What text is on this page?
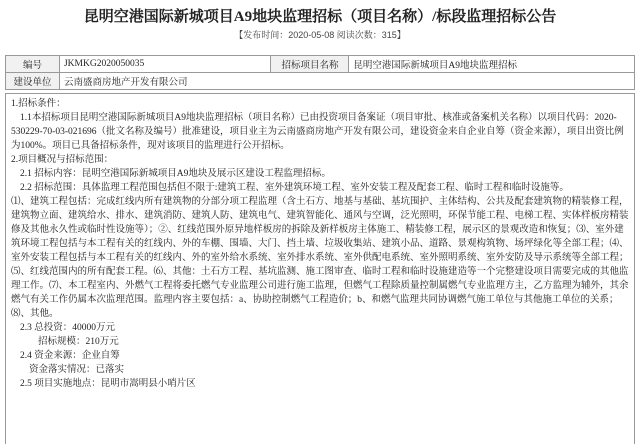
昆明空港国际新城项目A9地块监理招标（项目名称）/标段监理招标公告
【发布时间：2020-05-08 阅读次数：315】
编号	JKMKG2020050035	招标项目名称	昆明空港国际新城项目A9地块监理招标
建设单位	云南盛商房地产开发有限公司		

1.招标条件：

1.1本招标项目昆明空港国际新城项目A9地块监理招标（项目名称）已由投资项目备案证（项目审批、核准或备案机关名称）以项目代码：2020-530229-70-03-021696（批文名称及编号）批准建设，项目业主为云南盛商房地产开发有限公司，建设资金来自企业自筹（资金来源），项目出资比例为100%。项目已具备招标条件，现对该项目的监理进行公开招标。

2.项目概况与招标范围：

2.1 招标内容：昆明空港国际新城项目A9地块及展示区建设工程监理招标。

2.2 招标范围：具体监理工程范围包括但不限于:建筑工程、室外建筑环境工程、室外安装工程及配套工程、临时工程和临时设施等。

⑴、建筑工程包括：完成红线内所有建筑物的分部分项工程监理（含土石方、地基与基础、基坑围护、主体结构、公共及配套建筑物的精装修工程，建筑物立面、建筑给水、排水、建筑消防、建筑人防、建筑电气、建筑智能化、通风与空调，泛光照明，环保节能工程、电梯工程、实体样板房精装修及其他永久性或临时性设施等）；②、红线范围外原异地样板房的拆除及新样板房主体施工、精装修工程，展示区的景观改造和恢复；⑶、室外建筑环境工程包括与本工程有关的红线内、外的车棚、围墙、大门、挡土墙、垃圾收集站、建筑小品、道路、景观构筑物、场坪绿化等全部工程；⑷、室外安装工程包括与本工程有关的红线内、外的室外给水系统、室外排水系统、室外供配电系统、室外照明系统、室外安防及导示系统等全部工程；⑸、红线范围内的所有配套工程。⑹、其他：土石方工程、基坑监测、施工图审查、临时工程和临时设施建造等一个完整建设项目需要完成的其他监理工作。⑺、本工程室内、外燃气工程将委托燃气专业监理公司进行施工监理，但燃气工程除质量控制属燃气专业监理方主，乙方监理为辅外，其余燃气有关工作仍属本次监理范围。监理内容主要包括：a、协助控制燃气工程造价；b、和燃气监理共同协调燃气施工单位与其他施工单位的关系；⑻、其他。

2.3 总投资：40000万元

招标规模：210万元

2.4 资金来源：企业自筹

资金落实情况：已落实

2.5 项目实施地点：昆明市嵩明县小哨片区
